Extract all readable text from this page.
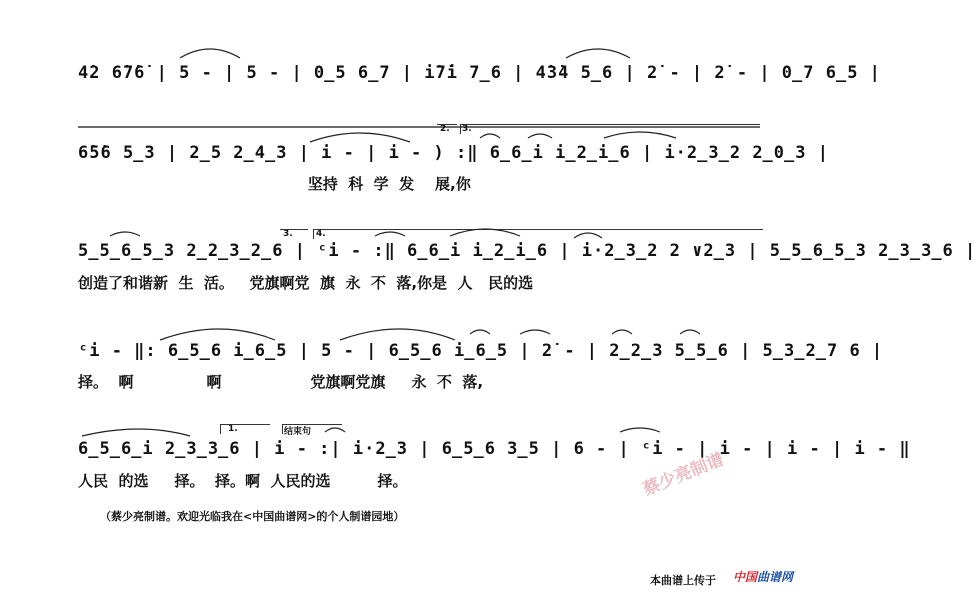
4̇2 6̇7̇6̇ | 5 - | 5 - | 0̲5 6̲7 | i̇7̇i 7̲6 | 4̇3̇4 5̲6 | 2̇ - | 2̇ - | 0̲7 6̲5 |
6̇5̇6 5̲3 | 2̲5 2̲4̲3 | i - | i - ) :‖ 6̲6̲i i̲2̲i̲6 | i·2̲3̲2 2̲0̲3 |
坚持  科  学  发    展,你
2. 3.
5̲5̲6̲5̲3 2̲2̲3̲2̲6 | ᶜi - :‖ 6̲6̲i i̲2̲i̲6 | i·2̲3̲2 2 ∨2̲3 | 5̲5̲6̲5̲3 2̲3̲3̲6 |
创造了和谐新  生  活。   党旗啊党  旗  永  不  落,你是  人   民的选
3.	4.
ᶜi - ‖: 6̲5̲6 i̲6̲5 | 5 - | 6̲5̲6 i̲6̲5 | 2̇ - | 2̲2̲3 5̲5̲6 | 5̲3̲2̲7 6 |
择。  啊              啊                 党旗啊党旗     永  不  落,
6̲5̲6̲i 2̲3̲3̲6 | i - :| i·2̲3 | 6̲5̲6 3̲5 | 6 - | ᶜi - | i - | i - | i - ‖
人民  的选     择。  择。啊  人民的选         择。
1.	结束句
（蔡少亮制谱。欢迎光临我在<中国曲谱网>的个人制谱园地）
本曲谱上传于 中国曲谱网
蔡少亮制谱
